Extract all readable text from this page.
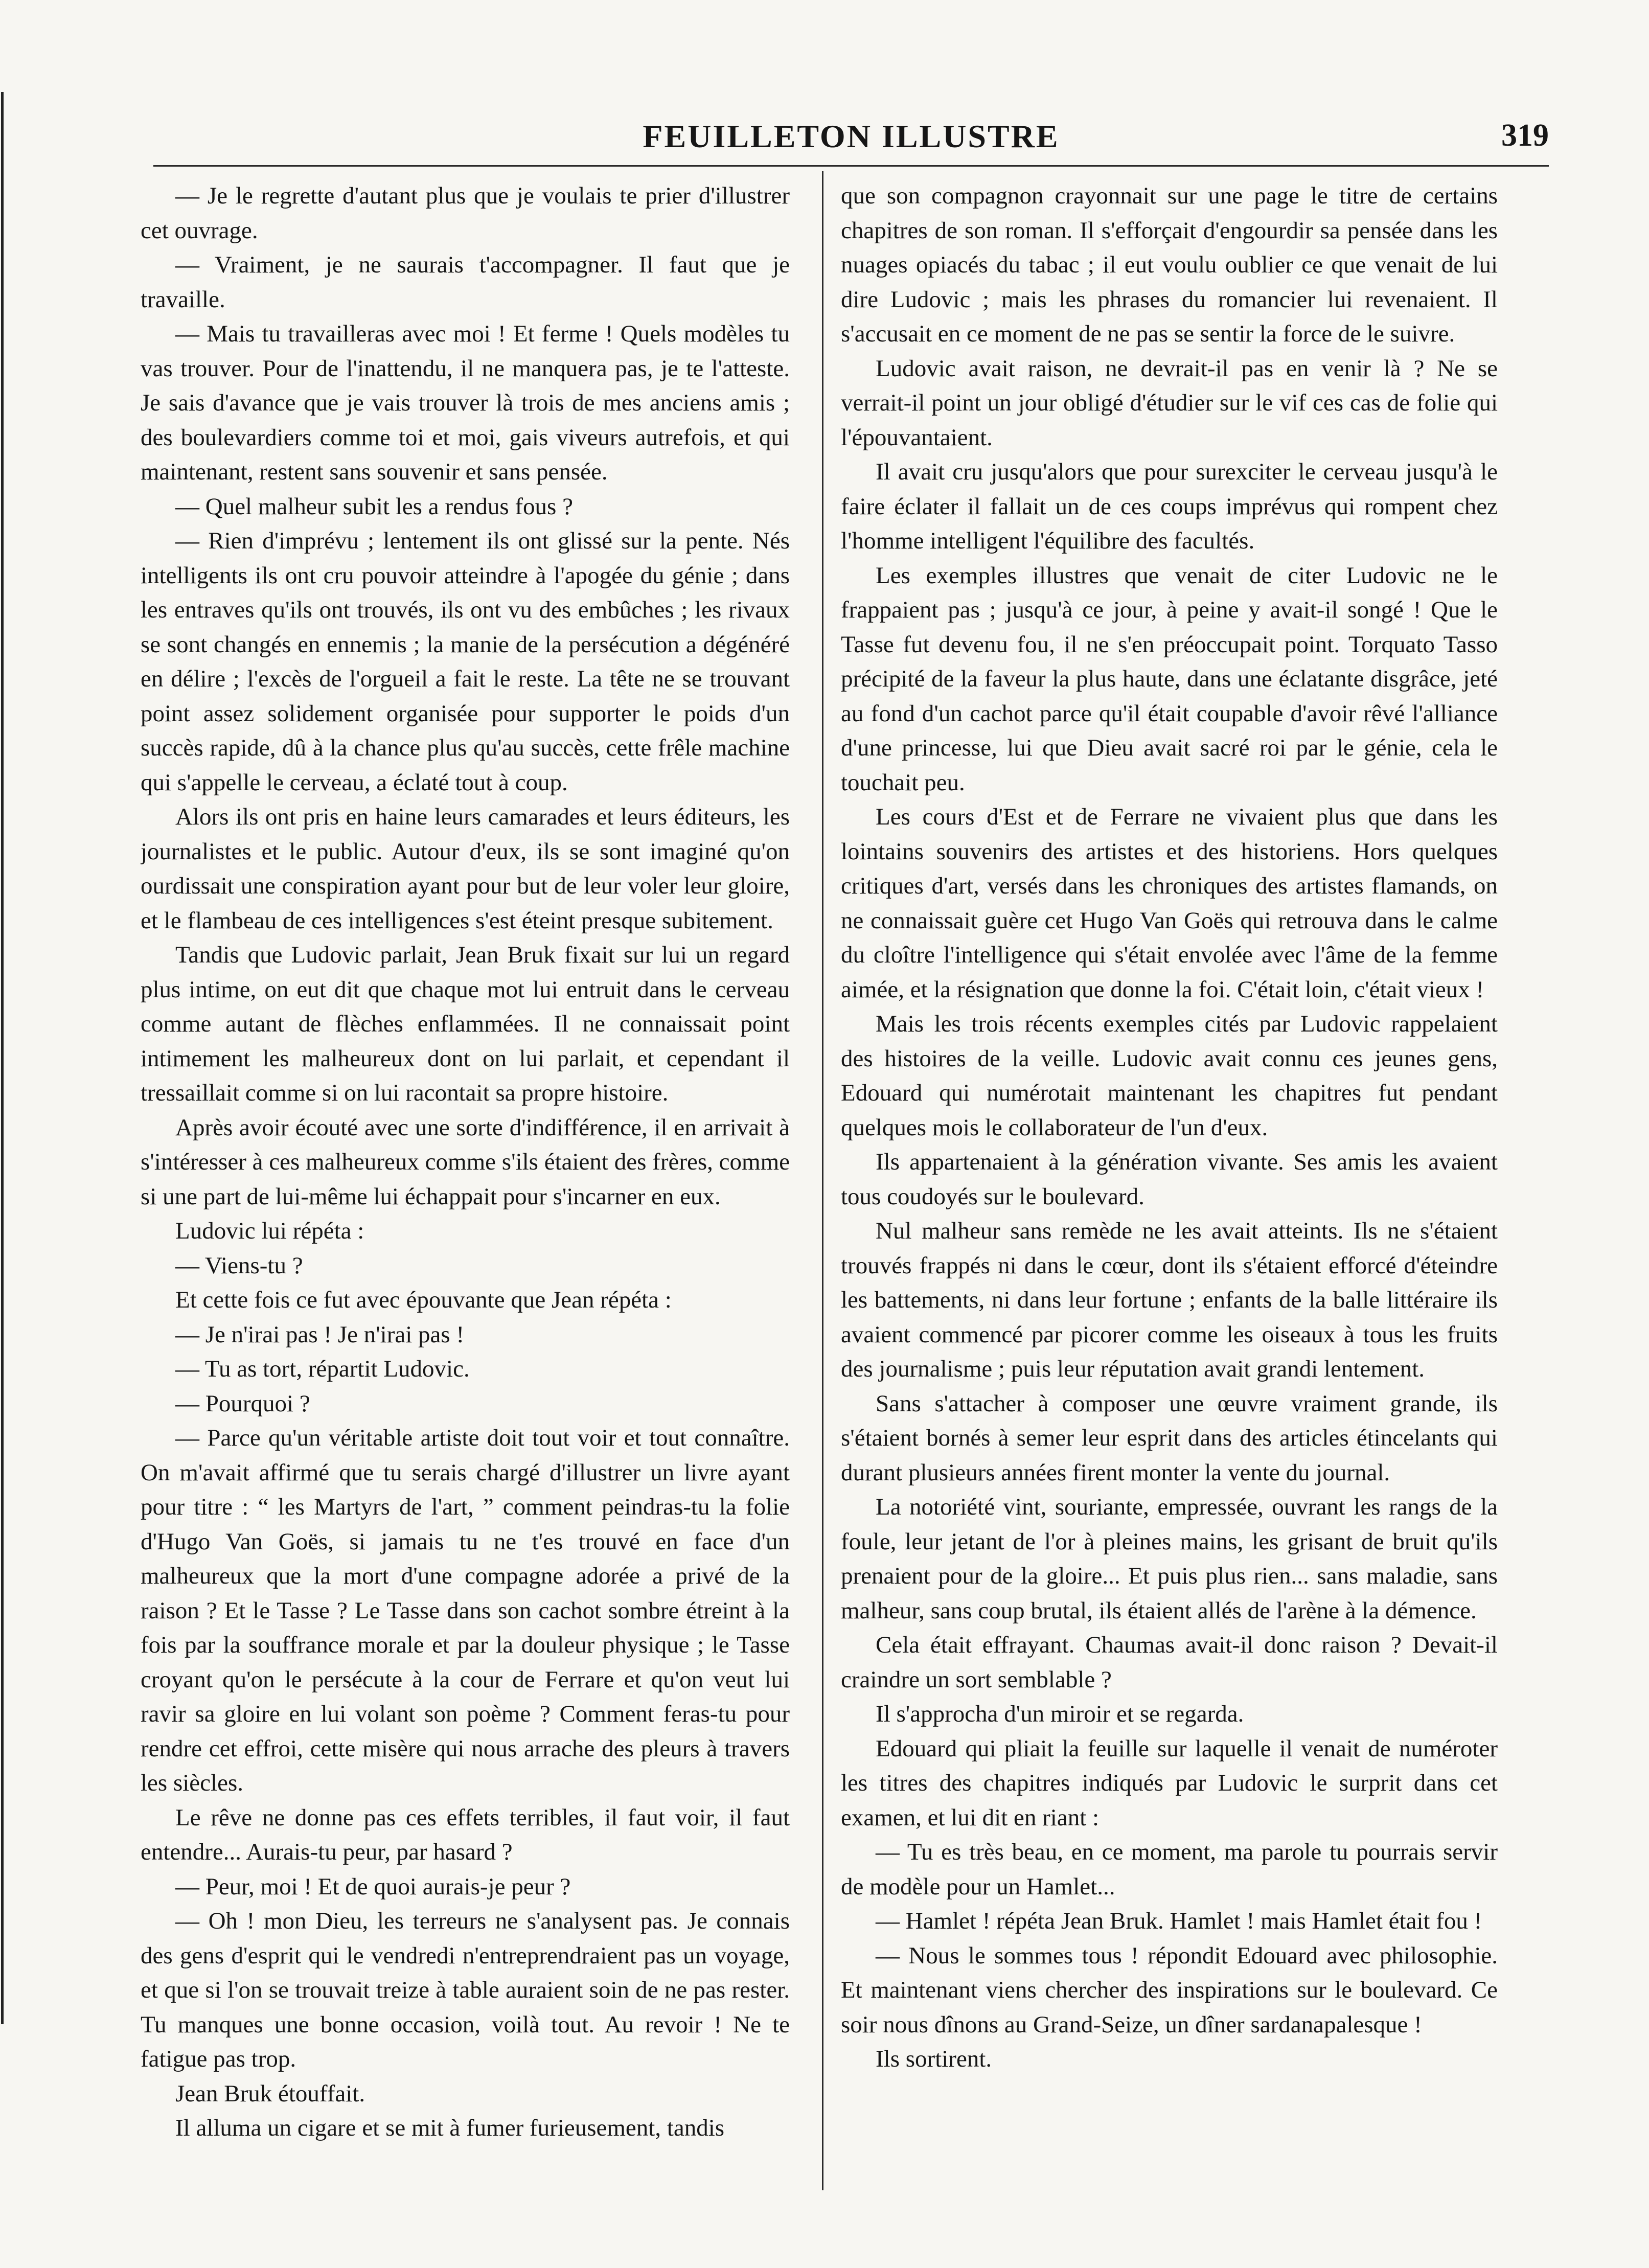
FEUILLETON ILLUSTRE	319

— Je le regrette d'autant plus que je voulais te prier d'illustrer cet ouvrage.

— Vraiment, je ne saurais t'accompagner. Il faut que je travaille.

— Mais tu travailleras avec moi ! Et ferme ! Quels modèles tu vas trouver. Pour de l'inattendu, il ne manquera pas, je te l'atteste. Je sais d'avance que je vais trouver là trois de mes anciens amis ; des boulevardiers comme toi et moi, gais viveurs autrefois, et qui maintenant, restent sans souvenir et sans pensée.

— Quel malheur subit les a rendus fous ?

— Rien d'imprévu ; lentement ils ont glissé sur la pente. Nés intelligents ils ont cru pouvoir atteindre à l'apogée du génie ; dans les entraves qu'ils ont trouvés, ils ont vu des embûches ; les rivaux se sont changés en ennemis ; la manie de la persécution a dégénéré en délire ; l'excès de l'orgueil a fait le reste. La tête ne se trouvant point assez solidement organisée pour supporter le poids d'un succès rapide, dû à la chance plus qu'au succès, cette frêle machine qui s'appelle le cerveau, a éclaté tout à coup.

Alors ils ont pris en haine leurs camarades et leurs éditeurs, les journalistes et le public. Autour d'eux, ils se sont imaginé qu'on ourdissait une conspiration ayant pour but de leur voler leur gloire, et le flambeau de ces intelligences s'est éteint presque subitement.

Tandis que Ludovic parlait, Jean Bruk fixait sur lui un regard plus intime, on eut dit que chaque mot lui entruit dans le cerveau comme autant de flèches enflammées. Il ne connaissait point intimement les malheureux dont on lui parlait, et cependant il tressaillait comme si on lui racontait sa propre histoire.

Après avoir écouté avec une sorte d'indifférence, il en arrivait à s'intéresser à ces malheureux comme s'ils étaient des frères, comme si une part de lui-même lui échappait pour s'incarner en eux.

Ludovic lui répéta :

— Viens-tu ?

Et cette fois ce fut avec épouvante que Jean répéta :

— Je n'irai pas ! Je n'irai pas !

— Tu as tort, répartit Ludovic.

— Pourquoi ?

— Parce qu'un véritable artiste doit tout voir et tout connaître. On m'avait affirmé que tu serais chargé d'illustrer un livre ayant pour titre : “ les Martyrs de l'art, ” comment peindras-tu la folie d'Hugo Van Goës, si jamais tu ne t'es trouvé en face d'un malheureux que la mort d'une compagne adorée a privé de la raison ? Et le Tasse ? Le Tasse dans son cachot sombre étreint à la fois par la souffrance morale et par la douleur physique ; le Tasse croyant qu'on le persécute à la cour de Ferrare et qu'on veut lui ravir sa gloire en lui volant son poème ? Comment feras-tu pour rendre cet effroi, cette misère qui nous arrache des pleurs à travers les siècles.

Le rêve ne donne pas ces effets terribles, il faut voir, il faut entendre... Aurais-tu peur, par hasard ?

— Peur, moi ! Et de quoi aurais-je peur ?

— Oh ! mon Dieu, les terreurs ne s'analysent pas. Je connais des gens d'esprit qui le vendredi n'entreprendraient pas un voyage, et que si l'on se trouvait treize à table auraient soin de ne pas rester. Tu manques une bonne occasion, voilà tout. Au revoir ! Ne te fatigue pas trop.

Jean Bruk étouffait.

Il alluma un cigare et se mit à fumer furieusement, tandis

que son compagnon crayonnait sur une page le titre de certains chapitres de son roman. Il s'efforçait d'engourdir sa pensée dans les nuages opiacés du tabac ; il eut voulu oublier ce que venait de lui dire Ludovic ; mais les phrases du romancier lui revenaient. Il s'accusait en ce moment de ne pas se sentir la force de le suivre.

Ludovic avait raison, ne devrait-il pas en venir là ? Ne se verrait-il point un jour obligé d'étudier sur le vif ces cas de folie qui l'épouvantaient.

Il avait cru jusqu'alors que pour surexciter le cerveau jusqu'à le faire éclater il fallait un de ces coups imprévus qui rompent chez l'homme intelligent l'équilibre des facultés.

Les exemples illustres que venait de citer Ludovic ne le frappaient pas ; jusqu'à ce jour, à peine y avait-il songé ! Que le Tasse fut devenu fou, il ne s'en préoccupait point. Torquato Tasso précipité de la faveur la plus haute, dans une éclatante disgrâce, jeté au fond d'un cachot parce qu'il était coupable d'avoir rêvé l'alliance d'une princesse, lui que Dieu avait sacré roi par le génie, cela le touchait peu.

Les cours d'Est et de Ferrare ne vivaient plus que dans les lointains souvenirs des artistes et des historiens. Hors quelques critiques d'art, versés dans les chroniques des artistes flamands, on ne connaissait guère cet Hugo Van Goës qui retrouva dans le calme du cloître l'intelligence qui s'était envolée avec l'âme de la femme aimée, et la résignation que donne la foi. C'était loin, c'était vieux !

Mais les trois récents exemples cités par Ludovic rappelaient des histoires de la veille. Ludovic avait connu ces jeunes gens, Edouard qui numérotait maintenant les chapitres fut pendant quelques mois le collaborateur de l'un d'eux.

Ils appartenaient à la génération vivante. Ses amis les avaient tous coudoyés sur le boulevard.

Nul malheur sans remède ne les avait atteints. Ils ne s'étaient trouvés frappés ni dans le cœur, dont ils s'étaient efforcé d'éteindre les battements, ni dans leur fortune ; enfants de la balle littéraire ils avaient commencé par picorer comme les oiseaux à tous les fruits des journalisme ; puis leur réputation avait grandi lentement.

Sans s'attacher à composer une œuvre vraiment grande, ils s'étaient bornés à semer leur esprit dans des articles étincelants qui durant plusieurs années firent monter la vente du journal.

La notoriété vint, souriante, empressée, ouvrant les rangs de la foule, leur jetant de l'or à pleines mains, les grisant de bruit qu'ils prenaient pour de la gloire... Et puis plus rien... sans maladie, sans malheur, sans coup brutal, ils étaient allés de l'arène à la démence.

Cela était effrayant. Chaumas avait-il donc raison ? Devait-il craindre un sort semblable ?

Il s'approcha d'un miroir et se regarda.

Edouard qui pliait la feuille sur laquelle il venait de numéroter les titres des chapitres indiqués par Ludovic le surprit dans cet examen, et lui dit en riant :

— Tu es très beau, en ce moment, ma parole tu pourrais servir de modèle pour un Hamlet...

— Hamlet ! répéta Jean Bruk. Hamlet ! mais Hamlet était fou !

— Nous le sommes tous ! répondit Edouard avec philosophie. Et maintenant viens chercher des inspirations sur le boulevard. Ce soir nous dînons au Grand-Seize, un dîner sardanapalesque !

Ils sortirent.
